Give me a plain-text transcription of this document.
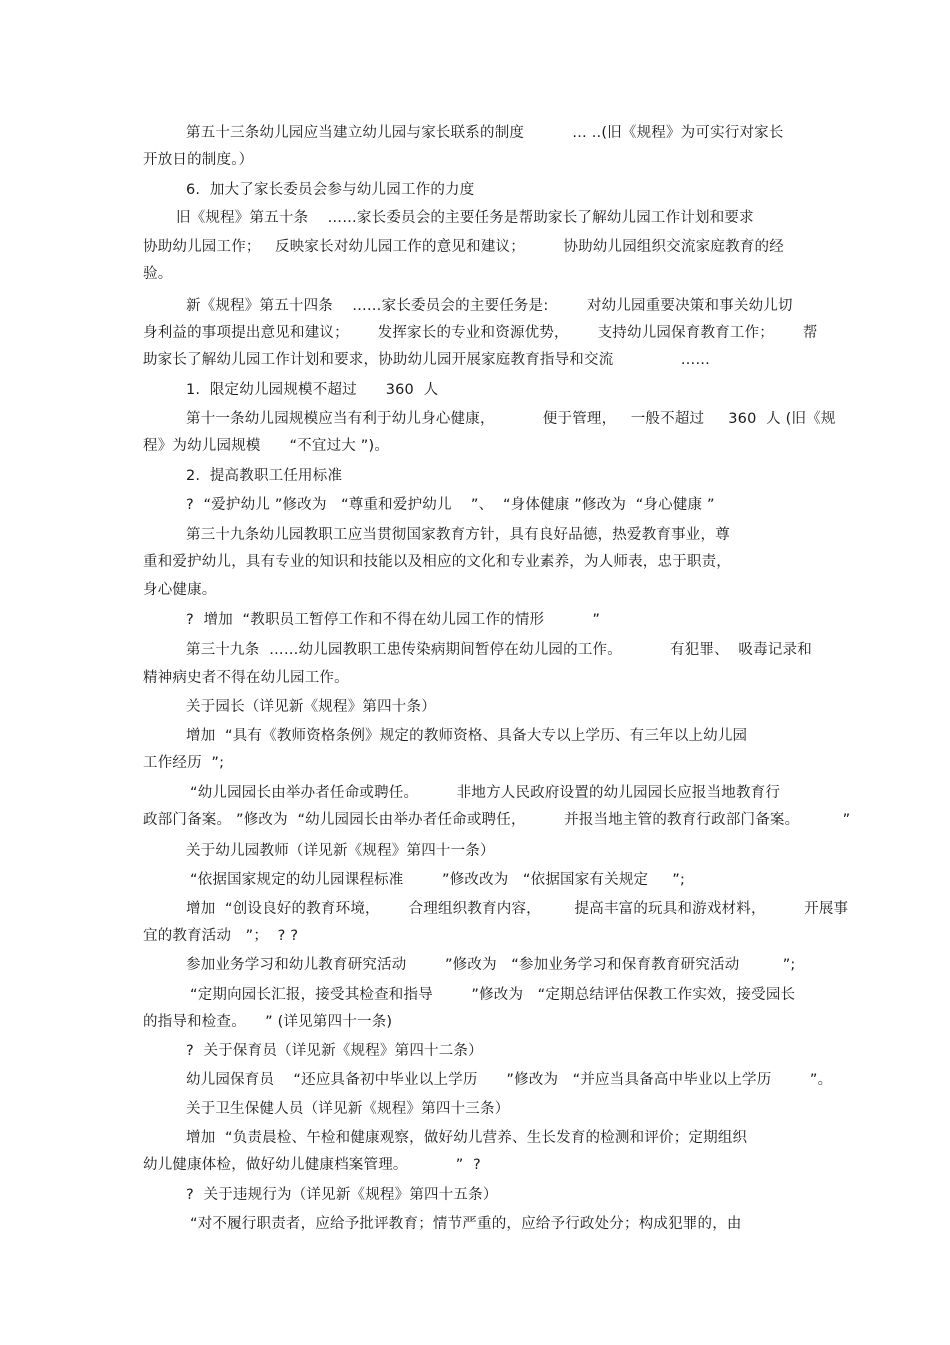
第五十三条幼儿园应当建立幼儿园与家长联系的制度          … ..(旧《规程》为可实行对家长
开放日的制度。）
6.  加大了家长委员会参与幼儿园工作的力度
旧《规程》第五十条    ……家长委员会的主要任务是帮助家长了解幼儿园工作计划和要求
协助幼儿园工作；   反映家长对幼儿园工作的意见和建议；        协助幼儿园组织交流家庭教育的经
验。
新《规程》第五十四条    ……家长委员会的主要任务是:        对幼儿园重要决策和事关幼儿切
身利益的事项提出意见和建议；      发挥家长的专业和资源优势，      支持幼儿园保育教育工作；      帮
助家长了解幼儿园工作计划和要求，协助幼儿园开展家庭教育指导和交流              ……
1.  限定幼儿园规模不超过      360  人
第十一条幼儿园规模应当有利于幼儿身心健康，          便于管理，   一般不超过     360  人 (旧《规
程》为幼儿园规模      “不宜过大 ”)。
2.  提高教职工任用标准
?  “爱护幼儿 ”修改为   “尊重和爱护幼儿    ”、  “身体健康 ”修改为  “身心健康 ”
第三十九条幼儿园教职工应当贯彻国家教育方针，具有良好品德，热爱教育事业，尊
重和爱护幼儿，具有专业的知识和技能以及相应的文化和专业素养，为人师表，忠于职责，
身心健康。
?  增加  “教职员工暂停工作和不得在幼儿园工作的情形          ”
第三十九条  ……幼儿园教职工患传染病期间暂停在幼儿园的工作。          有犯罪、  吸毒记录和
精神病史者不得在幼儿园工作。
关于园长（详见新《规程》第四十条）
增加  “具有《教师资格条例》规定的教师资格、具备大专以上学历、有三年以上幼儿园
工作经历  ”;
“幼儿园园长由举办者任命或聘任。        非地方人民政府设置的幼儿园园长应报当地教育行
政部门备案。 ”修改为  “幼儿园园长由举办者任命或聘任，        并报当地主管的教育行政部门备案。         ”
关于幼儿园教师（详见新《规程》第四十一条）
“依据国家规定的幼儿园课程标准        ”修改改为   “依据国家有关规定     ”;
增加  “创设良好的教育环境，      合理组织教育内容，       提高丰富的玩具和游戏材料，        开展事
宜的教育活动   ”；  ? ?
参加业务学习和幼儿教育研究活动        ”修改为   “参加业务学习和保育教育研究活动         ”;
“定期向园长汇报，接受其检查和指导        ”修改为   “定期总结评估保教工作实效，接受园长
的指导和检查。    ” (详见第四十一条)
?  关于保育员（详见新《规程》第四十二条）
幼儿园保育员    “还应具备初中毕业以上学历      ”修改为   “并应当具备高中毕业以上学历        ”。
关于卫生保健人员（详见新《规程》第四十三条）
增加  “负责晨检、午检和健康观察，做好幼儿营养、生长发育的检测和评价；定期组织
幼儿健康体检，做好幼儿健康档案管理。          ”  ?
?  关于违规行为（详见新《规程》第四十五条）
“对不履行职责者，应给予批评教育；情节严重的，应给予行政处分；构成犯罪的，由
